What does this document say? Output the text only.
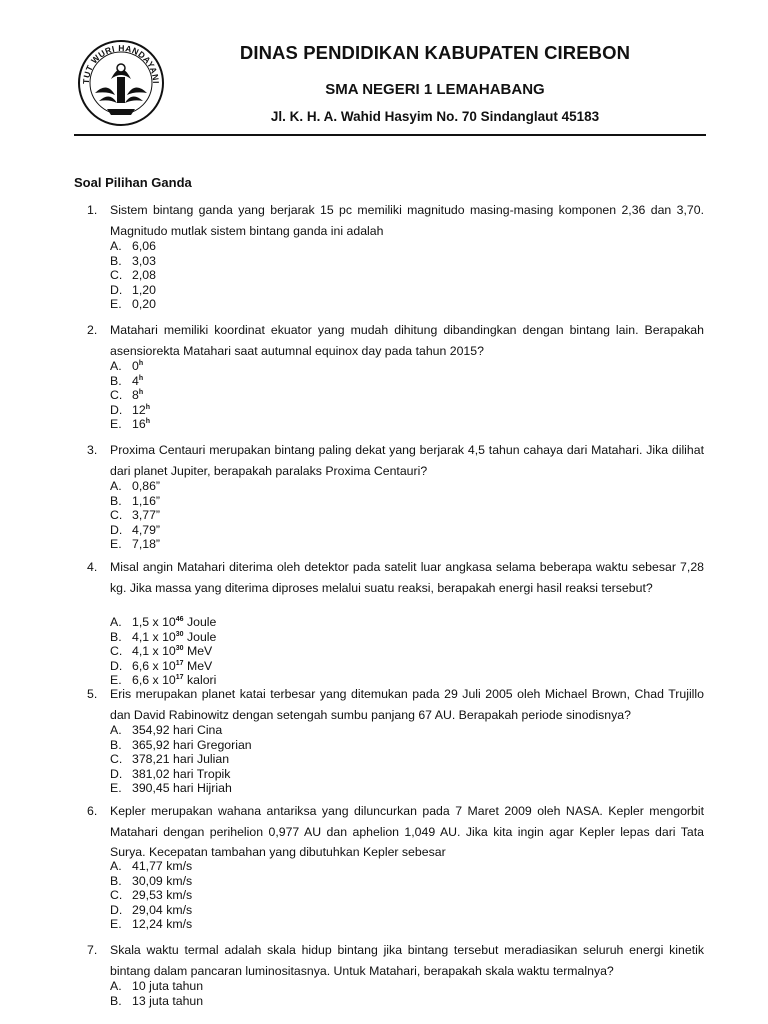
TUT WURI HANDAYANI
DINAS PENDIDIKAN KABUPATEN CIREBON
SMA NEGERI 1 LEMAHABANG
Jl. K. H. A. Wahid Hasyim No. 70 Sindanglaut 45183
Soal Pilihan Ganda
1. Sistem bintang ganda yang berjarak 15 pc memiliki magnitudo masing-masing komponen 2,36 dan 3,70. Magnitudo mutlak sistem bintang ganda ini adalah
A. 6,06
B. 3,03
C. 2,08
D. 1,20
E. 0,20
2. Matahari memiliki koordinat ekuator yang mudah dihitung dibandingkan dengan bintang lain. Berapakah asensiorekta Matahari saat autumnal equinox day pada tahun 2015?
A. 0$^h$
B. 4$^h$
C. 8$^h$
D. 12$^h$
E. 16$^h$
3. Proxima Centauri merupakan bintang paling dekat yang berjarak 4,5 tahun cahaya dari Matahari. Jika dilihat dari planet Jupiter, berapakah paralaks Proxima Centauri?
A. 0,86”
B. 1,16”
C. 3,77”
D. 4,79”
E. 7,18”
4. Misal angin Matahari diterima oleh detektor pada satelit luar angkasa selama beberapa waktu sebesar 7,28 kg. Jika massa yang diterima diproses melalui suatu reaksi, berapakah energi hasil reaksi tersebut?
A. 1,5 x $10^{46}$ Joule
B. 4,1 x $10^{30}$ Joule
C. 4,1 x $10^{30}$ MeV
D. 6,6 x $10^{17}$ MeV
E. 6,6 x $10^{17}$ kalori
5. Eris merupakan planet katai terbesar yang ditemukan pada 29 Juli 2005 oleh Michael Brown, Chad Trujillo dan David Rabinowitz dengan setengah sumbu panjang 67 AU. Berapakah periode sinodisnya?
A. 354,92 hari Cina
B. 365,92 hari Gregorian
C. 378,21 hari Julian
D. 381,02 hari Tropik
E. 390,45 hari Hijriah
6. Kepler merupakan wahana antariksa yang diluncurkan pada 7 Maret 2009 oleh NASA. Kepler mengorbit Matahari dengan perihelion 0,977 AU dan aphelion 1,049 AU. Jika kita ingin agar Kepler lepas dari Tata Surya. Kecepatan tambahan yang dibutuhkan Kepler sebesar
A. 41,77 km/s
B. 30,09 km/s
C. 29,53 km/s
D. 29,04 km/s
E. 12,24 km/s
7. Skala waktu termal adalah skala hidup bintang jika bintang tersebut meradiasikan seluruh energi kinetik bintang dalam pancaran luminositasnya. Untuk Matahari, berapakah skala waktu termalnya?
A. 10 juta tahun
B. 13 juta tahun
